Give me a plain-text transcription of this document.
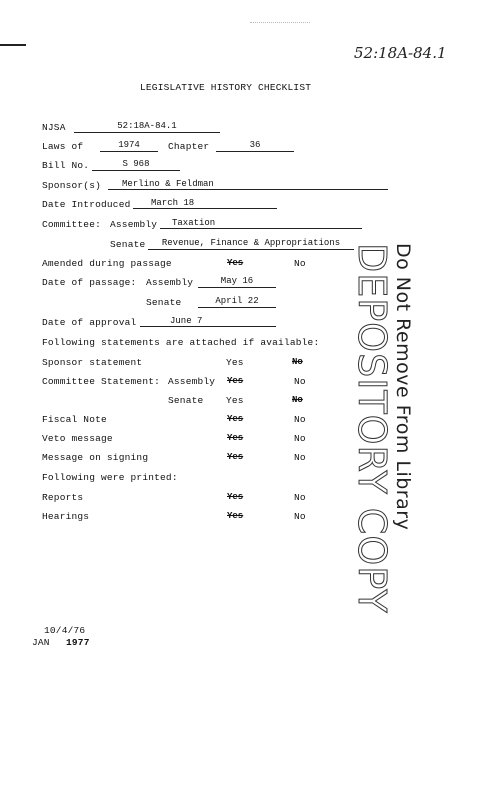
52:18A-84.1
LEGISLATIVE HISTORY CHECKLIST
NJSA	52:18A-84.1
Laws of	1974	Chapter	36
Bill No.	S 968
Sponsor(s)	Merlino & Feldman
Date Introduced	March 18
Committee: Assembly	Taxation
Senate	Revenue, Finance & Appropriations
Amended during passage	Yes	No
Date of passage: Assembly	May 16
Senate	April 22
Date of approval	June 7
Following statements are attached if available:
Sponsor statement	Yes	No
Committee Statement: Assembly Yes	No
Senate Yes	No
Fiscal Note	Yes	No
Veto message	Yes	No
Message on signing	Yes	No
Following were printed:
Reports	Yes	No
Hearings	Yes	No
10/4/76
JAN 1977
DEPOSITORY COPY
Do Not Remove From Library
